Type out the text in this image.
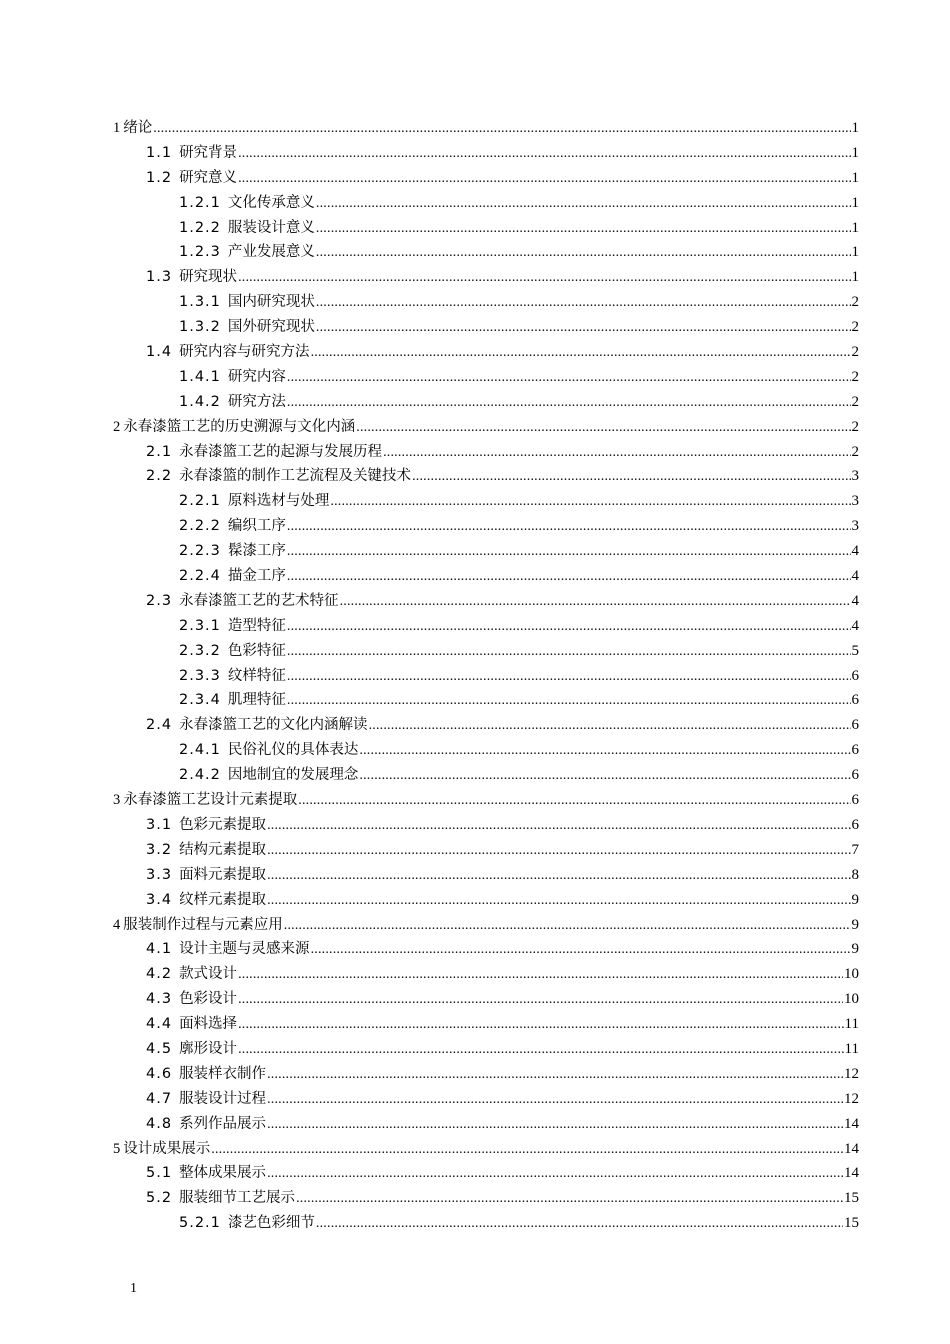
1 绪论 .....	1
1.1 研究背景 .....	1
1.2 研究意义 .....	1
1.2.1 文化传承意义 .....	1
1.2.2 服装设计意义 .....	1
1.2.3 产业发展意义 .....	1
1.3 研究现状 .....	1
1.3.1 国内研究现状 .....	2
1.3.2 国外研究现状 .....	2
1.4 研究内容与研究方法 .....	2
1.4.1 研究内容 .....	2
1.4.2 研究方法 .....	2
2 永春漆篮工艺的历史溯源与文化内涵 .....	2
2.1 永春漆篮工艺的起源与发展历程 .....	2
2.2 永春漆篮的制作工艺流程及关键技术 .....	3
2.2.1 原料选材与处理 .....	3
2.2.2 编织工序 .....	3
2.2.3 髹漆工序 .....	4
2.2.4 描金工序 .....	4
2.3 永春漆篮工艺的艺术特征 .....	4
2.3.1 造型特征 .....	4
2.3.2 色彩特征 .....	5
2.3.3 纹样特征 .....	6
2.3.4 肌理特征 .....	6
2.4 永春漆篮工艺的文化内涵解读 .....	6
2.4.1 民俗礼仪的具体表达 .....	6
2.4.2 因地制宜的发展理念 .....	6
3 永春漆篮工艺设计元素提取 .....	6
3.1 色彩元素提取 .....	6
3.2 结构元素提取 .....	7
3.3 面料元素提取 .....	8
3.4 纹样元素提取 .....	9
4 服装制作过程与元素应用 .....	9
4.1 设计主题与灵感来源 .....	9
4.2 款式设计 .....	10
4.3 色彩设计 .....	10
4.4 面料选择 .....	11
4.5 廓形设计 .....	11
4.6 服装样衣制作 .....	12
4.7 服装设计过程 .....	12
4.8 系列作品展示 .....	14
5 设计成果展示 .....	14
5.1 整体成果展示 .....	14
5.2 服装细节工艺展示 .....	15
5.2.1 漆艺色彩细节 .....	15
1
